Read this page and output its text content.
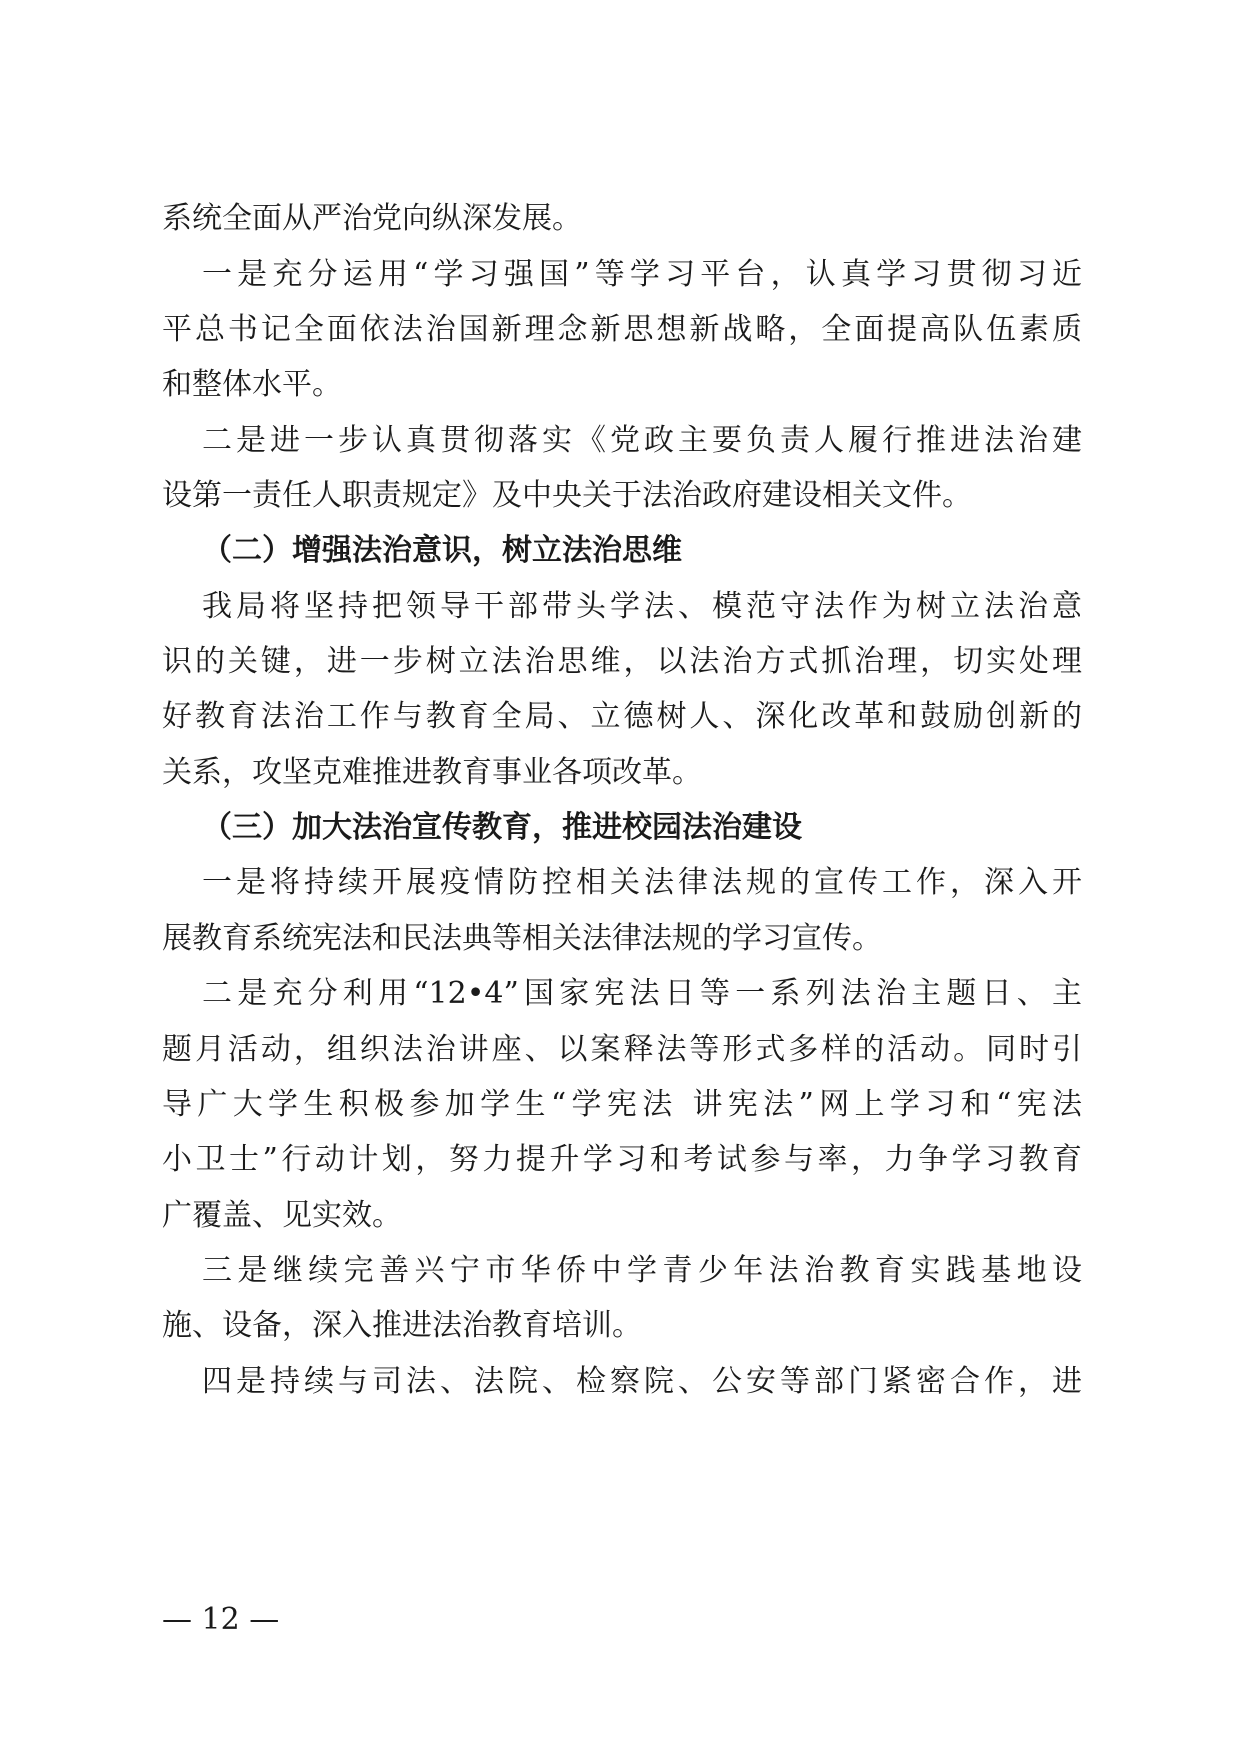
系统全面从严治党向纵深发展。
一是充分运用“学习强国”等学习平台，认真学习贯彻习近
平总书记全面依法治国新理念新思想新战略，全面提高队伍素质
和整体水平。
二是进一步认真贯彻落实《党政主要负责人履行推进法治建
设第一责任人职责规定》及中央关于法治政府建设相关文件。
（二）增强法治意识，树立法治思维
我局将坚持把领导干部带头学法、模范守法作为树立法治意
识的关键，进一步树立法治思维，以法治方式抓治理，切实处理
好教育法治工作与教育全局、立德树人、深化改革和鼓励创新的
关系，攻坚克难推进教育事业各项改革。
（三）加大法治宣传教育，推进校园法治建设
一是将持续开展疫情防控相关法律法规的宣传工作，深入开
展教育系统宪法和民法典等相关法律法规的学习宣传。
二是充分利用“12•4”国家宪法日等一系列法治主题日、主
题月活动，组织法治讲座、以案释法等形式多样的活动。同时引
导广大学生积极参加学生“学宪法 讲宪法”网上学习和“宪法
小卫士”行动计划，努力提升学习和考试参与率，力争学习教育
广覆盖、见实效。
三是继续完善兴宁市华侨中学青少年法治教育实践基地设
施、设备，深入推进法治教育培训。
四是持续与司法、法院、检察院、公安等部门紧密合作，进
— 12 —
